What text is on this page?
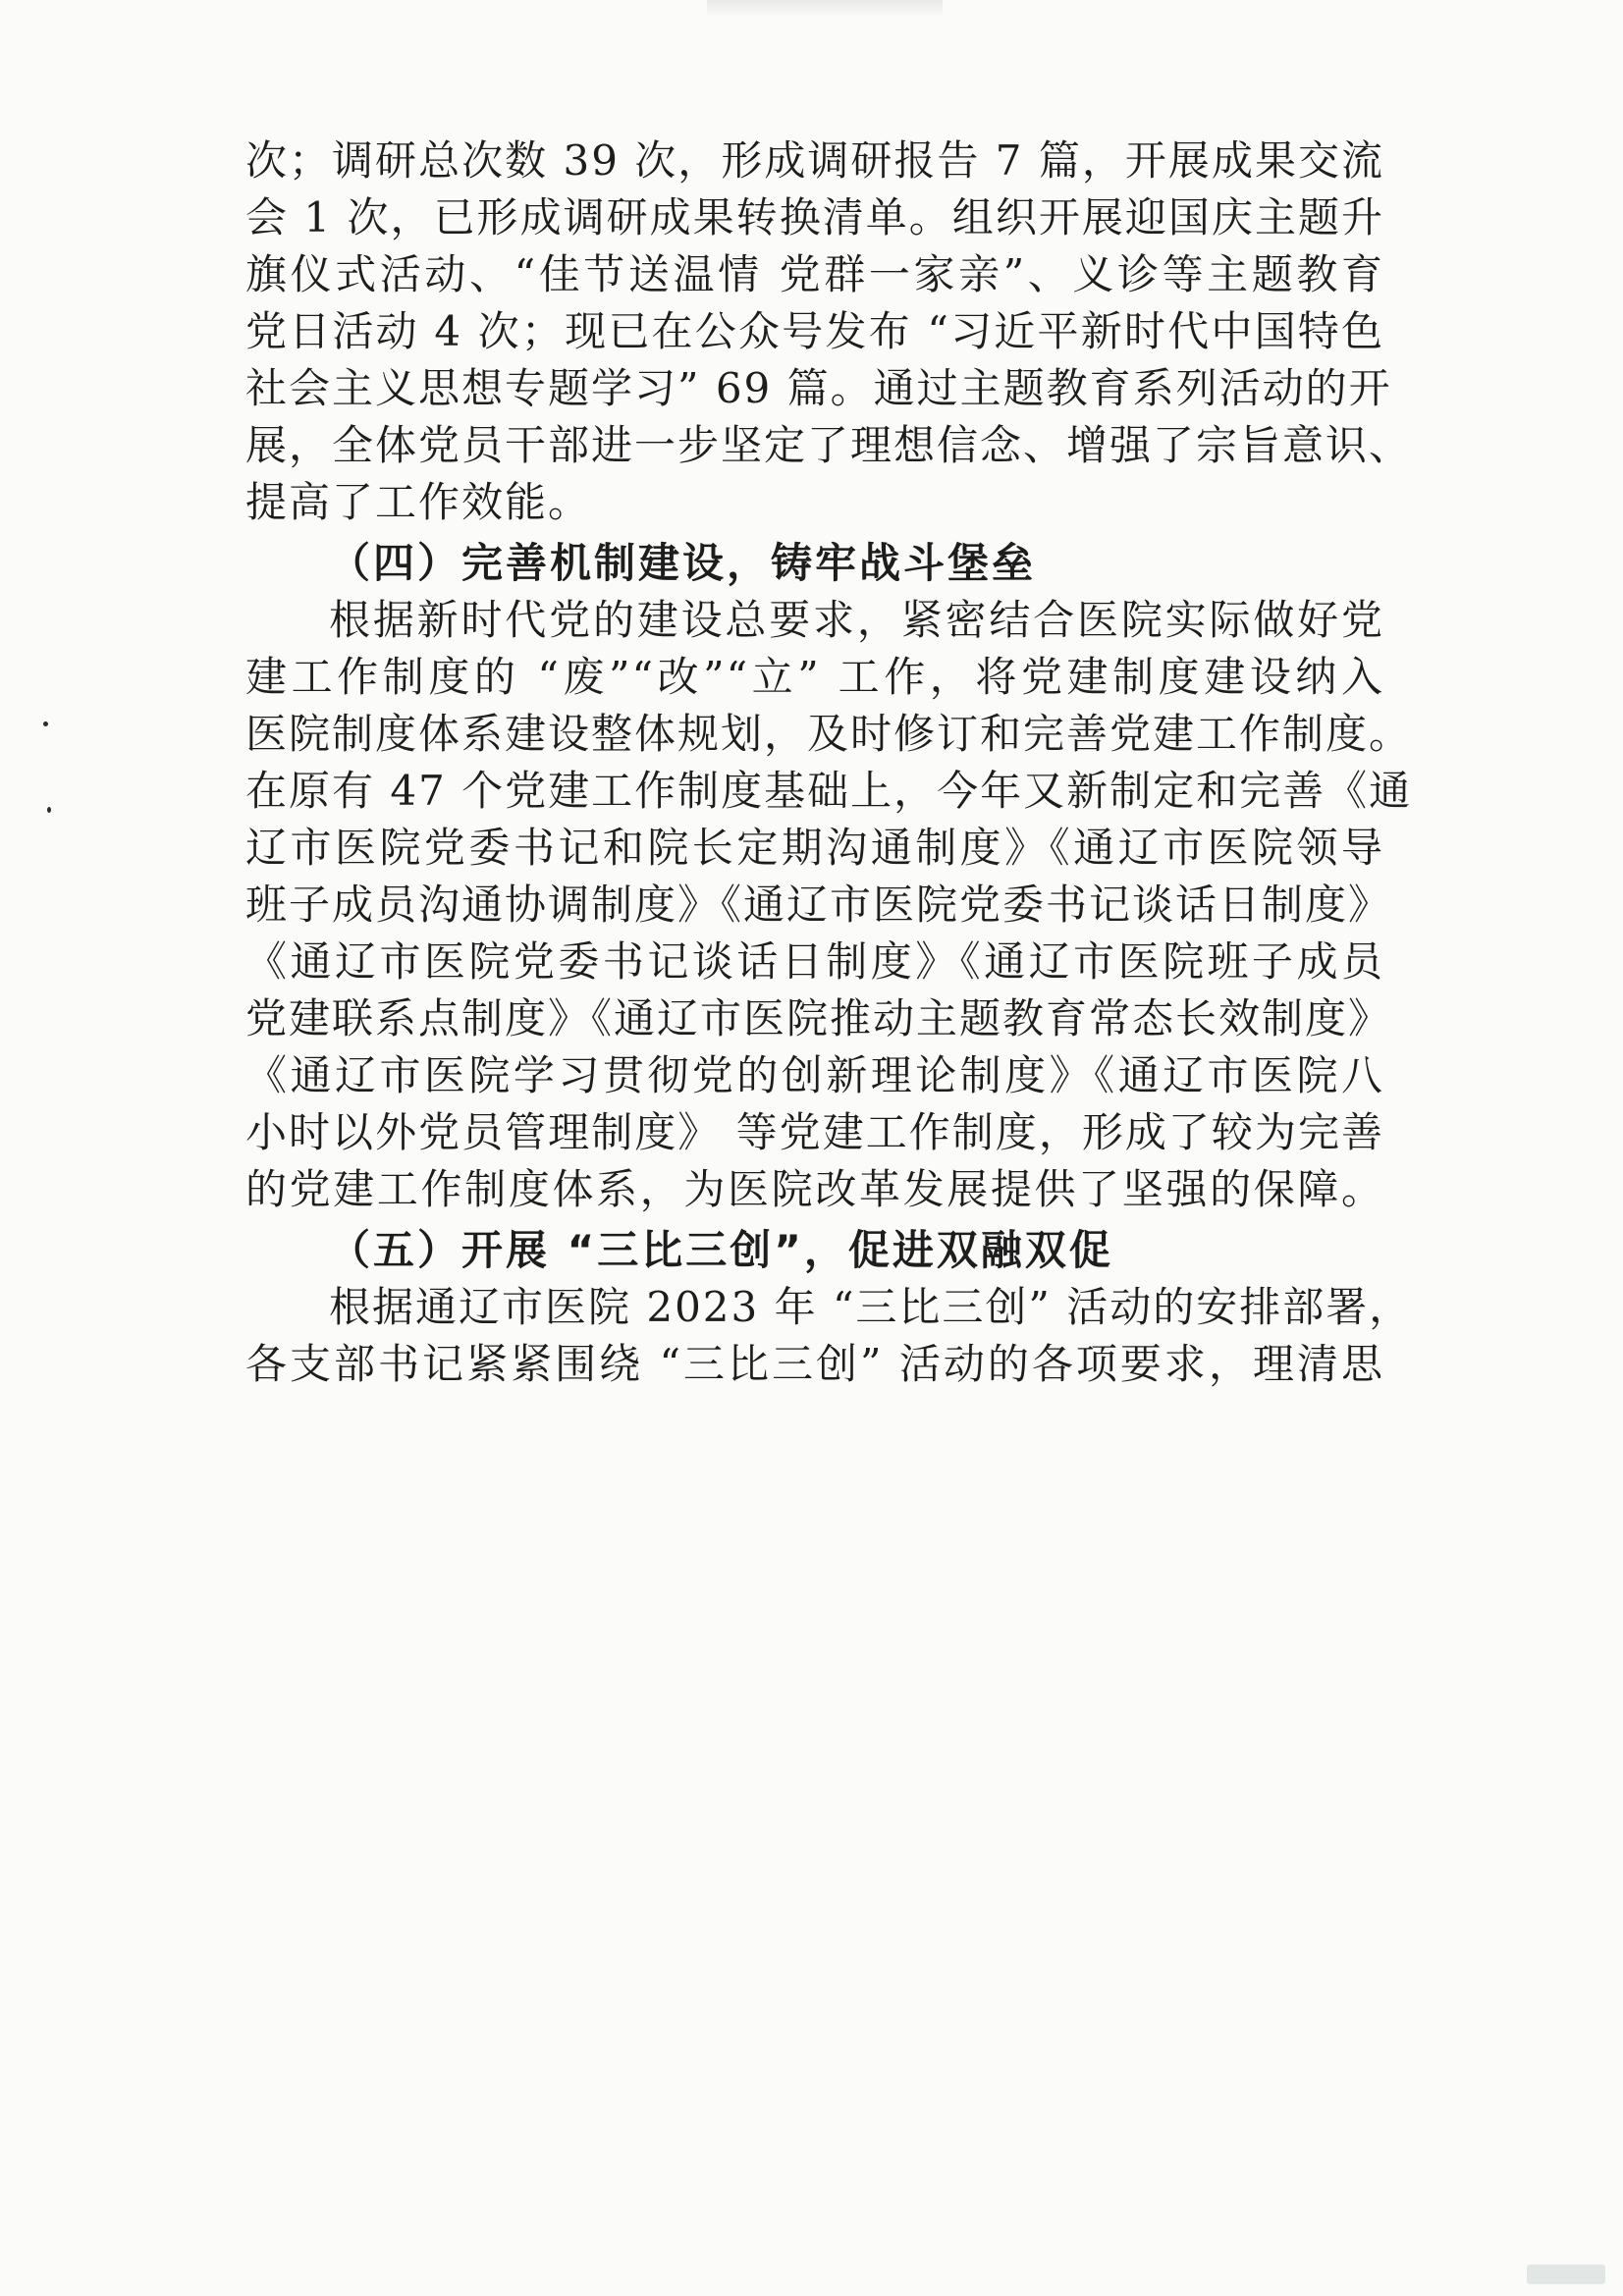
次；调研总次数 39 次，形成调研报告 7 篇，开展成果交流
会 1 次，已形成调研成果转换清单。组织开展迎国庆主题升
旗仪式活动、“佳节送温情 党群一家亲”、义诊等主题教育
党日活动 4 次；现已在公众号发布 “习近平新时代中国特色
社会主义思想专题学习” 69 篇。通过主题教育系列活动的开
展，全体党员干部进一步坚定了理想信念、增强了宗旨意识、
提高了工作效能。
（四）完善机制建设，铸牢战斗堡垒
根据新时代党的建设总要求，紧密结合医院实际做好党
建工作制度的 “废”“改”“立” 工作，将党建制度建设纳入
医院制度体系建设整体规划，及时修订和完善党建工作制度。
在原有 47 个党建工作制度基础上，今年又新制定和完善《通
辽市医院党委书记和院长定期沟通制度》《通辽市医院领导
班子成员沟通协调制度》《通辽市医院党委书记谈话日制度》
《通辽市医院党委书记谈话日制度》《通辽市医院班子成员
党建联系点制度》《通辽市医院推动主题教育常态长效制度》
《通辽市医院学习贯彻党的创新理论制度》《通辽市医院八
小时以外党员管理制度》 等党建工作制度，形成了较为完善
的党建工作制度体系，为医院改革发展提供了坚强的保障。
（五）开展 “三比三创”，促进双融双促
根据通辽市医院 2023 年 “三比三创” 活动的安排部署，
各支部书记紧紧围绕 “三比三创” 活动的各项要求，理清思
